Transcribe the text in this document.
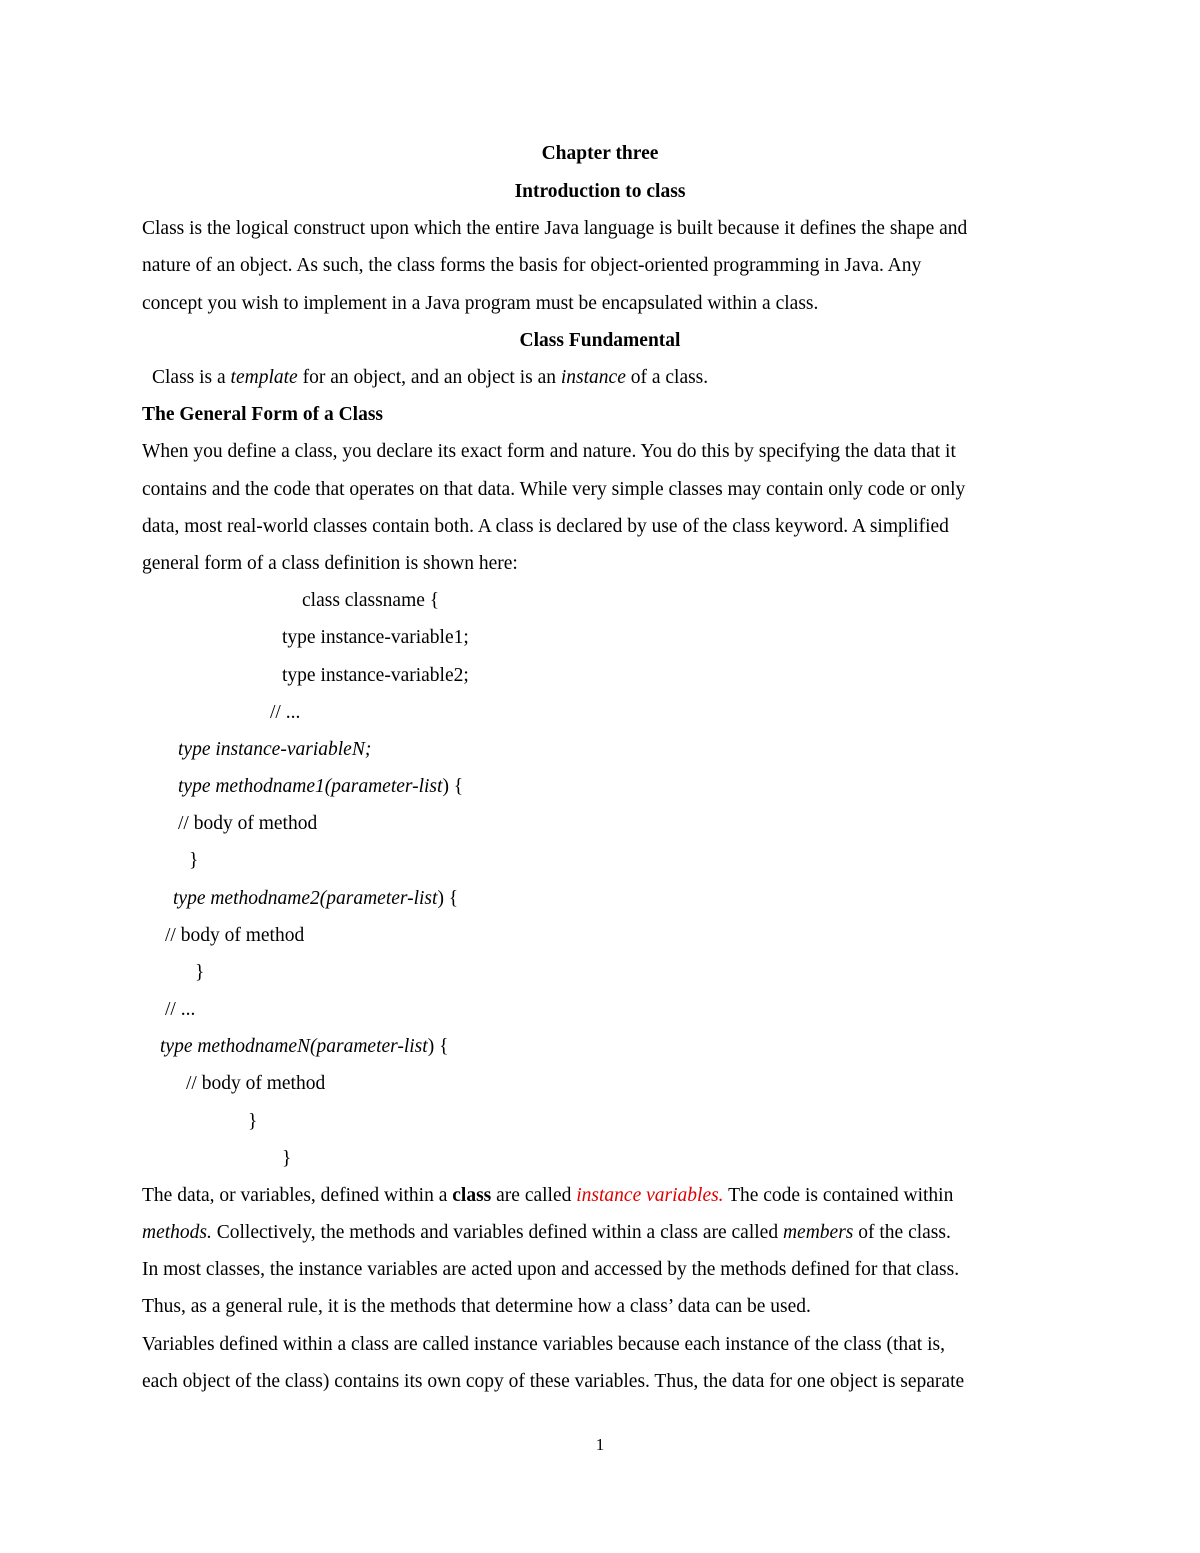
Chapter three
Introduction to class
Class is the logical construct upon which the entire Java language is built because it defines the shape and
nature of an object. As such, the class forms the basis for object-oriented programming in Java. Any
concept you wish to implement in a Java program must be encapsulated within a class.
Class Fundamental
Class is a template for an object, and an object is an instance of a class.
The General Form of a Class
When you define a class, you declare its exact form and nature. You do this by specifying the data that it
contains and the code that operates on that data. While very simple classes may contain only code or only
data, most real-world classes contain both. A class is declared by use of the class keyword. A simplified
general form of a class definition is shown here:
class classname {
type instance-variable1;
type instance-variable2;
// ...
type instance-variableN;
type methodname1(parameter-list) {
// body of method
}
type methodname2(parameter-list) {
// body of method
}
// ...
type methodnameN(parameter-list) {
// body of method
}
}
The data, or variables, defined within a class are called instance variables. The code is contained within
methods. Collectively, the methods and variables defined within a class are called members of the class.
In most classes, the instance variables are acted upon and accessed by the methods defined for that class.
Thus, as a general rule, it is the methods that determine how a class’ data can be used.
Variables defined within a class are called instance variables because each instance of the class (that is,
each object of the class) contains its own copy of these variables. Thus, the data for one object is separate
1
